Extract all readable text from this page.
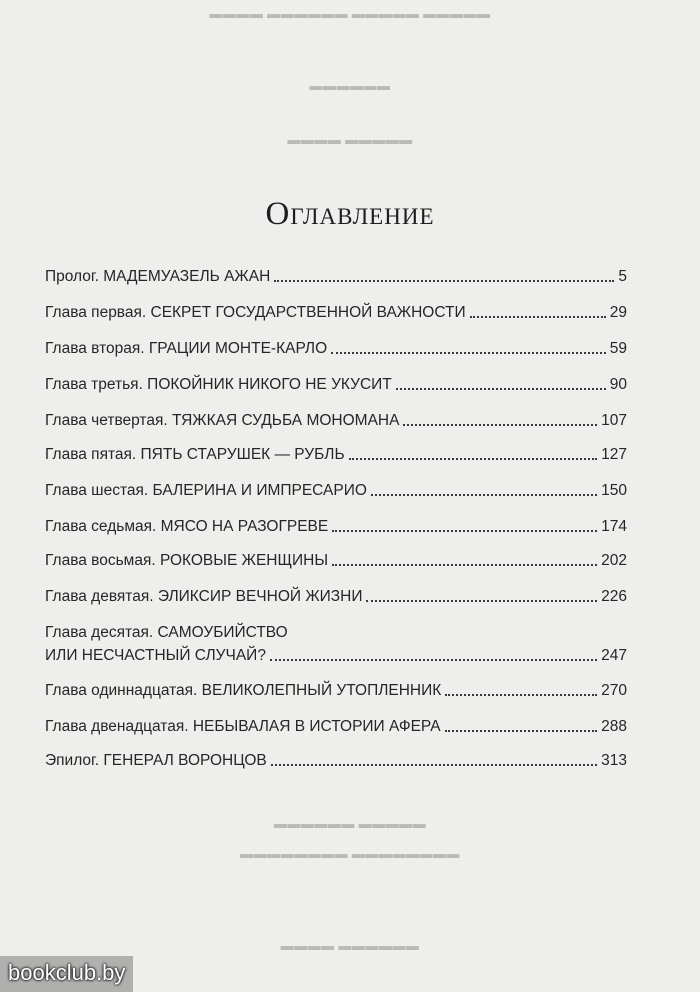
▬▬▬▬ ▬▬▬▬▬▬ ▬▬▬▬▬ ▬▬▬▬▬
▬▬▬▬▬▬
▬▬▬▬ ▬▬▬▬▬
Оглавление
Пролог. МАДЕМУАЗЕЛЬ АЖАН	5
Глава первая. СЕКРЕТ ГОСУДАРСТВЕННОЙ ВАЖНОСТИ	29
Глава вторая. ГРАЦИИ МОНТЕ-КАРЛО	59
Глава третья. ПОКОЙНИК НИКОГО НЕ УКУСИТ	90
Глава четвертая. ТЯЖКАЯ СУДЬБА МОНОМАНА	107
Глава пятая. ПЯТЬ СТАРУШЕК — РУБЛЬ	127
Глава шестая. БАЛЕРИНА И ИМПРЕСАРИО	150
Глава седьмая. МЯСО НА РАЗОГРЕВЕ	174
Глава восьмая. РОКОВЫЕ ЖЕНЩИНЫ	202
Глава девятая. ЭЛИКСИР ВЕЧНОЙ ЖИЗНИ	226
Глава десятая. САМОУБИЙСТВО
ИЛИ НЕСЧАСТНЫЙ СЛУЧАЙ?	247
Глава одиннадцатая. ВЕЛИКОЛЕПНЫЙ УТОПЛЕННИК	270
Глава двенадцатая. НЕБЫВАЛАЯ В ИСТОРИИ АФЕРА	288
Эпилог. ГЕНЕРАЛ ВОРОНЦОВ	313
▬▬▬▬▬▬ ▬▬▬▬▬
▬▬▬▬▬▬▬▬ ▬▬▬▬▬▬▬▬
▬▬▬▬ ▬▬▬▬▬▬
bookclub.by
